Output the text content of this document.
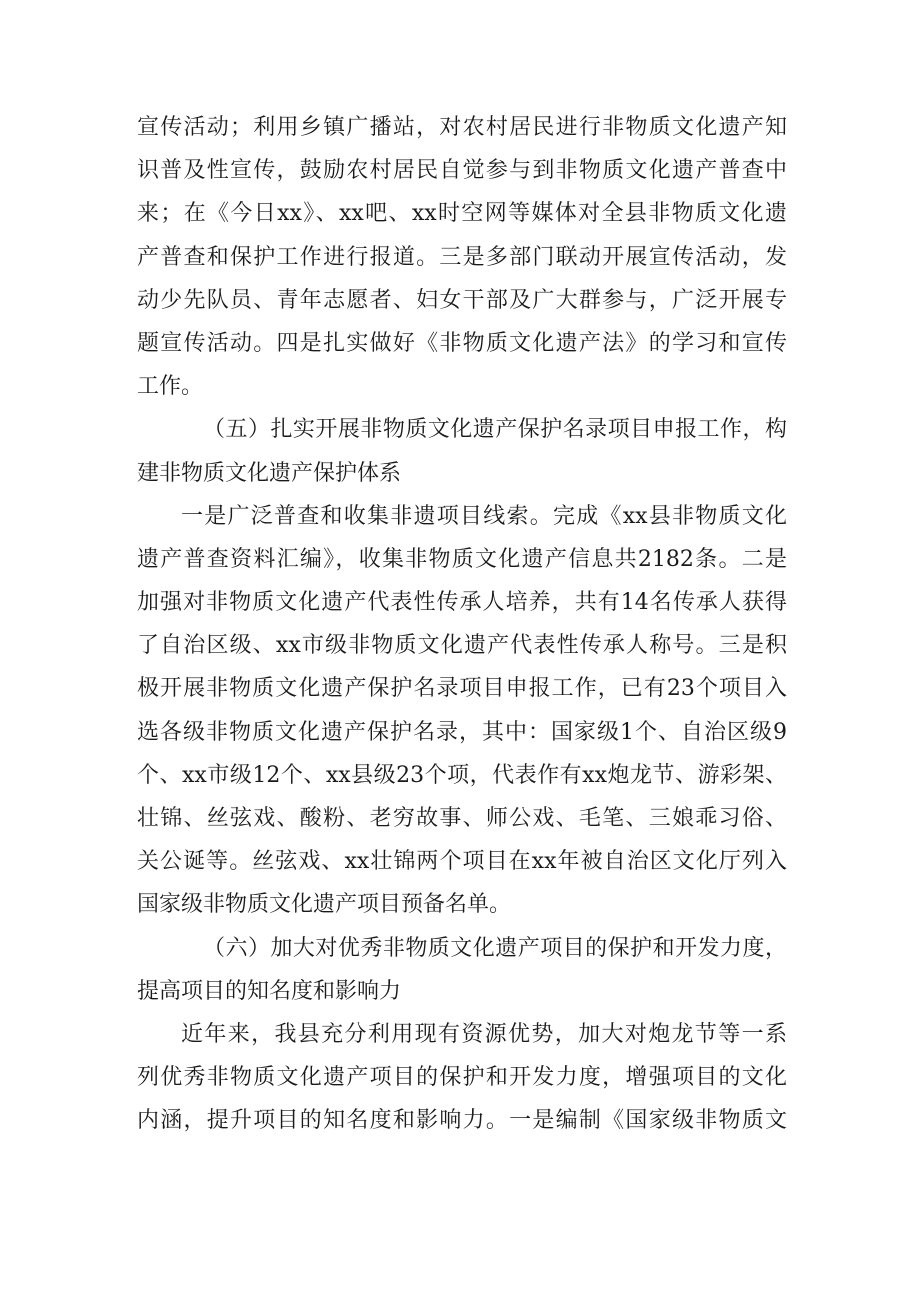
宣传活动；利用乡镇广播站，对农村居民进行非物质文化遗产知
识普及性宣传，鼓励农村居民自觉参与到非物质文化遗产普查中
来；在《今日xx》、xx吧、xx时空网等媒体对全县非物质文化遗
产普查和保护工作进行报道。三是多部门联动开展宣传活动，发
动少先队员、青年志愿者、妇女干部及广大群参与，广泛开展专
题宣传活动。四是扎实做好《非物质文化遗产法》的学习和宣传
工作。

（五）扎实开展非物质文化遗产保护名录项目申报工作，构
建非物质文化遗产保护体系

一是广泛普查和收集非遗项目线索。完成《xx县非物质文化
遗产普查资料汇编》，收集非物质文化遗产信息共2182条。二是
加强对非物质文化遗产代表性传承人培养，共有14名传承人获得
了自治区级、xx市级非物质文化遗产代表性传承人称号。三是积
极开展非物质文化遗产保护名录项目申报工作，已有23个项目入
选各级非物质文化遗产保护名录，其中：国家级1个、自治区级9
个、xx市级12个、xx县级23个项，代表作有xx炮龙节、游彩架、
壮锦、丝弦戏、酸粉、老穷故事、师公戏、毛笔、三娘乖习俗、
关公诞等。丝弦戏、xx壮锦两个项目在xx年被自治区文化厅列入
国家级非物质文化遗产项目预备名单。

（六）加大对优秀非物质文化遗产项目的保护和开发力度，
提高项目的知名度和影响力

近年来，我县充分利用现有资源优势，加大对炮龙节等一系
列优秀非物质文化遗产项目的保护和开发力度，增强项目的文化
内涵，提升项目的知名度和影响力。一是编制《国家级非物质文
